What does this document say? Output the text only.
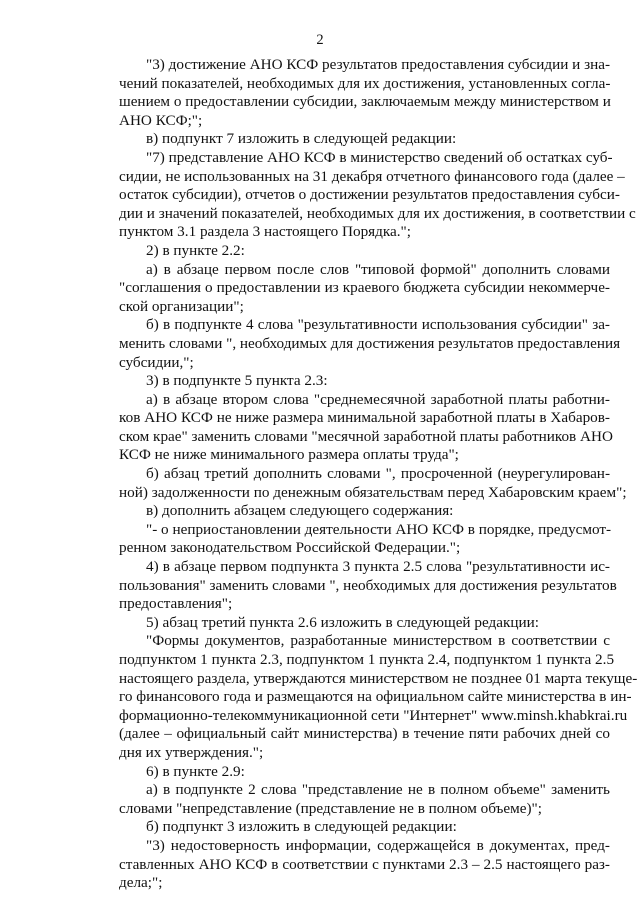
2
"3) достижение АНО КСФ результатов предоставления субсидии и зна-
чений показателей, необходимых для их достижения, установленных согла-
шением о предоставлении субсидии, заключаемым между министерством и
АНО КСФ;";
в) подпункт 7 изложить в следующей редакции:
"7) представление АНО КСФ в министерство сведений об остатках суб-
сидии, не использованных на 31 декабря отчетного финансового года (далее –
остаток субсидии), отчетов о достижении результатов предоставления субси-
дии и значений показателей, необходимых для их достижения, в соответствии с
пунктом 3.1 раздела 3 настоящего Порядка.";
2) в пункте 2.2:
а) в абзаце первом после слов "типовой формой" дополнить словами
"соглашения о предоставлении из краевого бюджета субсидии некоммерче-
ской организации";
б) в подпункте 4 слова "результативности использования субсидии" за-
менить словами ", необходимых для достижения результатов предоставления
субсидии,";
3) в подпункте 5 пункта 2.3:
а) в абзаце втором слова "среднемесячной заработной платы работни-
ков АНО КСФ не ниже размера минимальной заработной платы в Хабаров-
ском крае" заменить словами "месячной заработной платы работников АНО
КСФ не ниже минимального размера оплаты труда";
б) абзац третий дополнить словами ", просроченной (неурегулирован-
ной) задолженности по денежным обязательствам перед Хабаровским краем";
в) дополнить абзацем следующего содержания:
"- о неприостановлении деятельности АНО КСФ в порядке, предусмот-
ренном законодательством Российской Федерации.";
4) в абзаце первом подпункта 3 пункта 2.5 слова "результативности ис-
пользования" заменить словами ", необходимых для достижения результатов
предоставления";
5) абзац третий пункта 2.6 изложить в следующей редакции:
"Формы документов, разработанные министерством в соответствии с
подпунктом 1 пункта 2.3, подпунктом 1 пункта 2.4, подпунктом 1 пункта 2.5
настоящего раздела, утверждаются министерством не позднее 01 марта текуще-
го финансового года и размещаются на официальном сайте министерства в ин-
формационно-телекоммуникационной сети "Интернет" www.minsh.khabkrai.ru
(далее – официальный сайт министерства) в течение пяти рабочих дней со
дня их утверждения.";
6) в пункте 2.9:
а) в подпункте 2 слова "представление не в полном объеме" заменить
словами "непредставление (представление не в полном объеме)";
б) подпункт 3 изложить в следующей редакции:
"3) недостоверность информации, содержащейся в документах, пред-
ставленных АНО КСФ в соответствии с пунктами 2.3 – 2.5 настоящего раз-
дела;";
